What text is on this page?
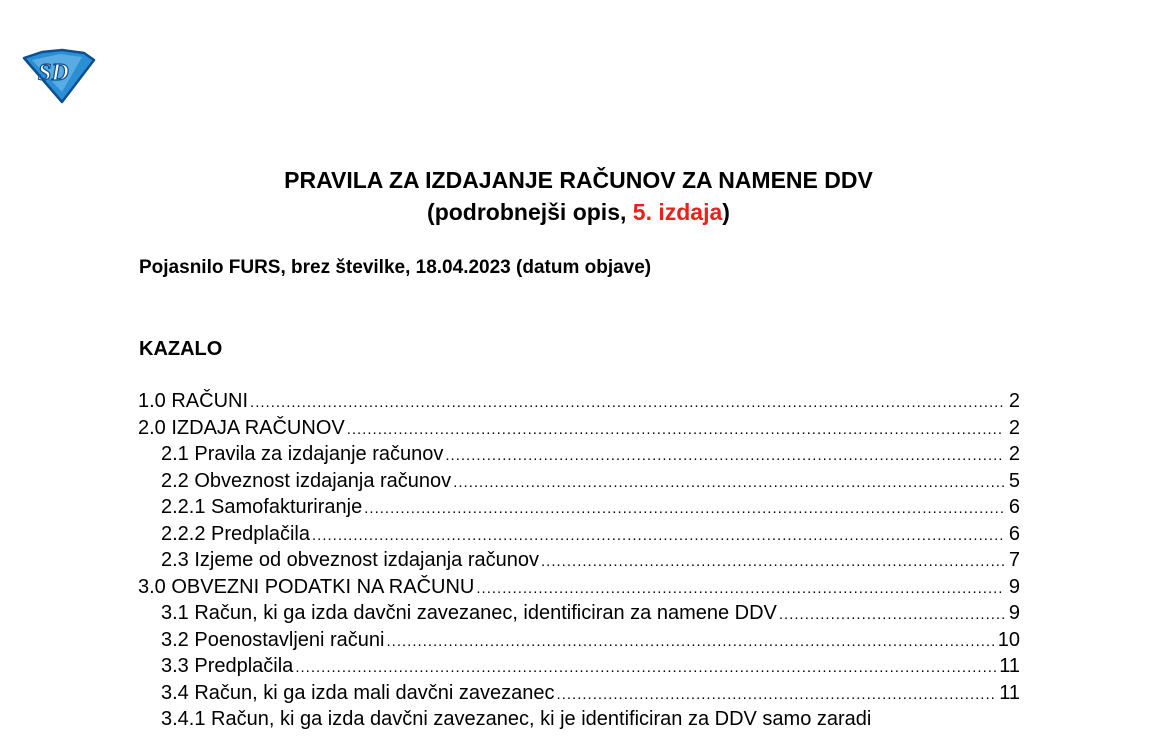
SD
PRAVILA ZA IZDAJANJE RAČUNOV ZA NAMENE DDV
(podrobnejši opis, 5. izdaja)
Pojasnilo FURS, brez številke, 18.04.2023 (datum objave)
KAZALO
1.0 RAČUNI .....	2
2.0 IZDAJA RAČUNOV .....	2
2.1 Pravila za izdajanje računov .....	2
2.2 Obveznost izdajanja računov .....	5
2.2.1 Samofakturiranje .....	6
2.2.2 Predplačila .....	6
2.3 Izjeme od obveznost izdajanja računov .....	7
3.0 OBVEZNI PODATKI NA RAČUNU .....	9
3.1 Račun, ki ga izda davčni zavezanec, identificiran za namene DDV .....	9
3.2 Poenostavljeni računi .....	10
3.3 Predplačila .....	11
3.4 Račun, ki ga izda mali davčni zavezanec .....	11
3.4.1 Račun, ki ga izda davčni zavezanec, ki je identificiran za DDV samo zaradi
